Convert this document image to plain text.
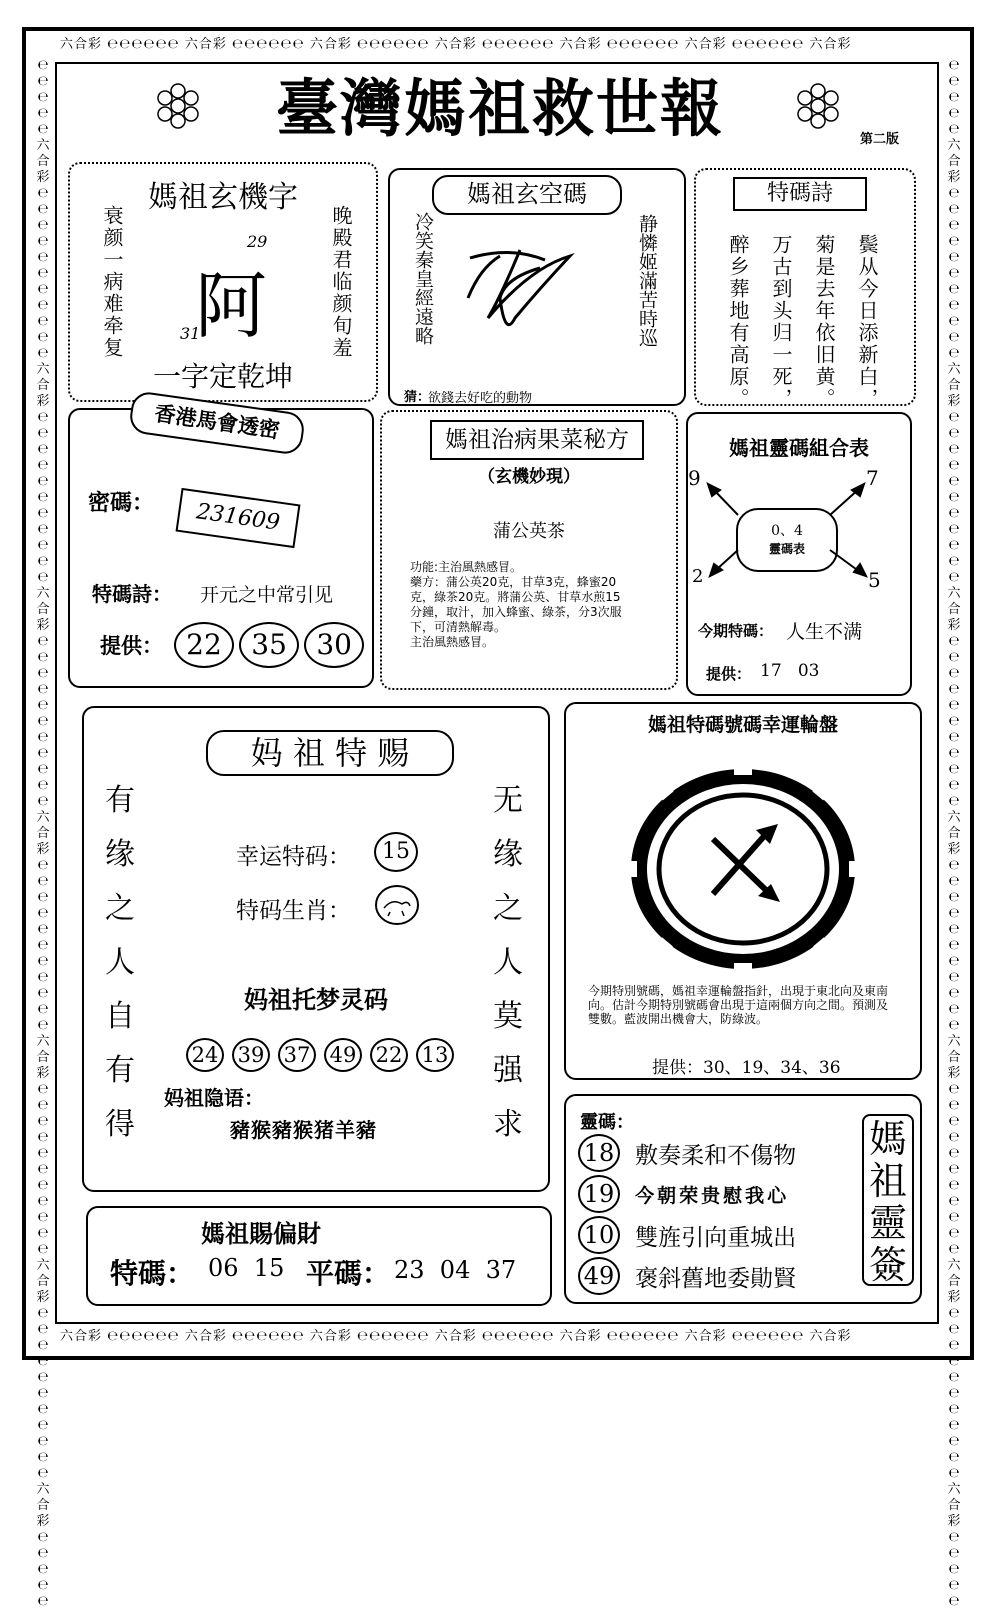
六合彩 ℮℮℮℮℮℮ 六合彩 ℮℮℮℮℮℮ 六合彩 ℮℮℮℮℮℮ 六合彩 ℮℮℮℮℮℮ 六合彩 ℮℮℮℮℮℮ 六合彩 ℮℮℮℮℮℮ 六合彩
六合彩 ℮℮℮℮℮℮ 六合彩 ℮℮℮℮℮℮ 六合彩 ℮℮℮℮℮℮ 六合彩 ℮℮℮℮℮℮ 六合彩 ℮℮℮℮℮℮ 六合彩 ℮℮℮℮℮℮ 六合彩
℮℮℮℮℮六合彩℮℮℮℮℮℮℮℮℮℮℮六合彩℮℮℮℮℮℮℮℮℮℮℮六合彩℮℮℮℮℮℮℮℮℮℮℮六合彩℮℮℮℮℮℮℮℮℮℮℮六合彩℮℮℮℮℮℮℮℮℮℮℮六合彩℮℮℮℮℮℮℮℮℮℮℮六合彩℮℮℮℮℮
℮℮℮℮℮六合彩℮℮℮℮℮℮℮℮℮℮℮六合彩℮℮℮℮℮℮℮℮℮℮℮六合彩℮℮℮℮℮℮℮℮℮℮℮六合彩℮℮℮℮℮℮℮℮℮℮℮六合彩℮℮℮℮℮℮℮℮℮℮℮六合彩℮℮℮℮℮℮℮℮℮℮℮六合彩℮℮℮℮℮
臺灣媽祖救世報	第二版
媽祖玄機字
衰颜一病难牵复	晚殿君临颜旬羞
阿
29
31
一字定乾坤
媽祖玄空碼
冷笑秦皇經遠略	静憐姬滿苦時巡
猜：
欲錢去好吃的動物
特碼詩
鬓从今日添新白，
菊是去年依旧黄。
万古到头归一死，
醉乡葬地有高原。
香港馬會透密
密碼：	231609
特碼詩： 开元之中常引见
提供： 22 35 30
媽祖治病果菜秘方
（玄機妙現）
蒲公英茶
功能:主治風熱感冒。
藥方：蒲公英20克，甘草3克，蜂蜜20克，綠茶20克。將蒲公英、甘草水煎15分鐘，取汁，加入蜂蜜、綠茶，分3次服下，可清熱解毒。
主治風熱感冒。
媽祖靈碼組合表
9	7
2	5
0、4
靈碼表
今期特碼： 人生不满
提供： 17   03
妈 祖 特 赐
有缘之人自有得
无缘之人莫强求
幸运特码：	15
特码生肖：
妈祖托梦灵码
24 39 37 49 22 13
妈祖隐语：
豬猴豬猴猪羊豬
媽祖特碼號碼幸運輪盤
今期特別號碼，媽祖幸運輪盤指針，出現于東北向及東南向。估計今期特別號碼會出現于這兩個方向之間。預測及雙數。藍波開出機會大，防綠波。
提供：30、19、34、36
靈碼：
18 敷奏柔和不傷物
19 今朝荣贵慰我心
10 雙旌引向重城出
49 褒斜舊地委勛賢
媽祖靈簽
媽祖賜偏財
特碼： 06  15 平碼： 23  04  37
